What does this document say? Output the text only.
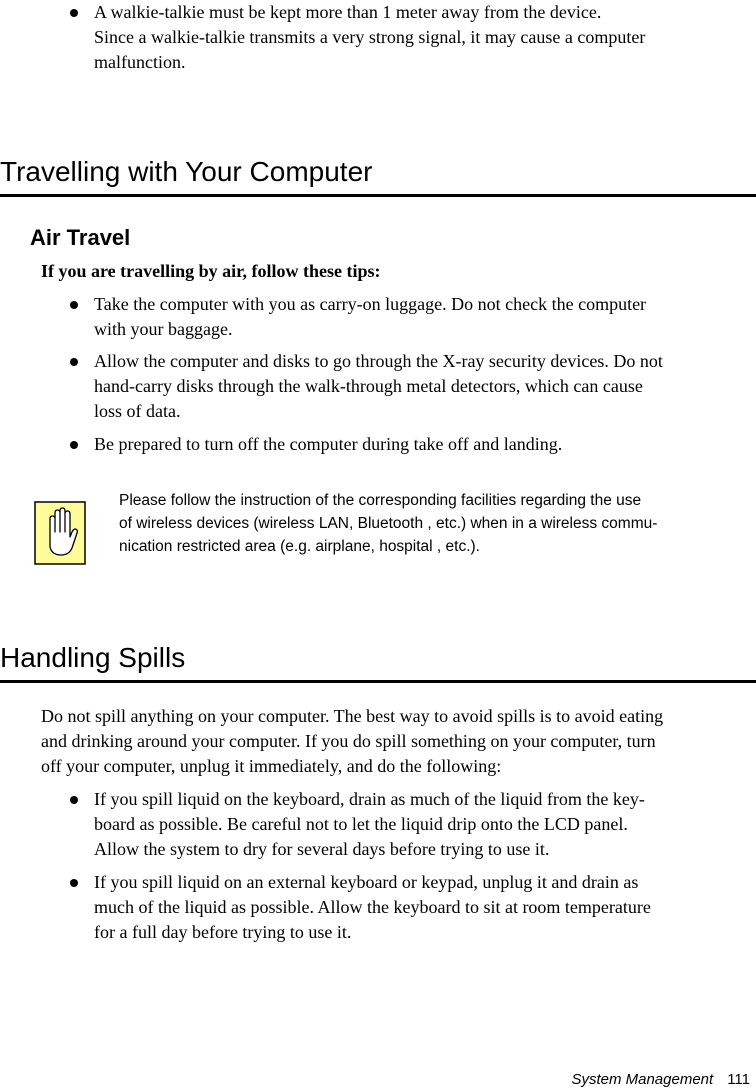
A walkie-talkie must be kept more than 1 meter away from the device.
Since a walkie-talkie transmits a very strong signal, it may cause a computer
malfunction.
Travelling with Your Computer
Air Travel
If you are travelling by air, follow these tips:
Take the computer with you as carry-on luggage. Do not check the computer
with your baggage.
Allow the computer and disks to go through the X-ray security devices. Do not
hand-carry disks through the walk-through metal detectors, which can cause
loss of data.
Be prepared to turn off the computer during take off and landing.
Please follow the instruction of the corresponding facilities regarding the use
of wireless devices (wireless LAN, Bluetooth , etc.) when in a wireless commu-
nication restricted area (e.g. airplane, hospital , etc.).
Handling Spills
Do not spill anything on your computer. The best way to avoid spills is to avoid eating
and drinking around your computer. If you do spill something on your computer, turn
off your computer, unplug it immediately, and do the following:
If you spill liquid on the keyboard, drain as much of the liquid from the key-
board as possible. Be careful not to let the liquid drip onto the LCD panel.
Allow the system to dry for several days before trying to use it.
If you spill liquid on an external keyboard or keypad, unplug it and drain as
much of the liquid as possible. Allow the keyboard to sit at room temperature
for a full day before trying to use it.
System Management 111
